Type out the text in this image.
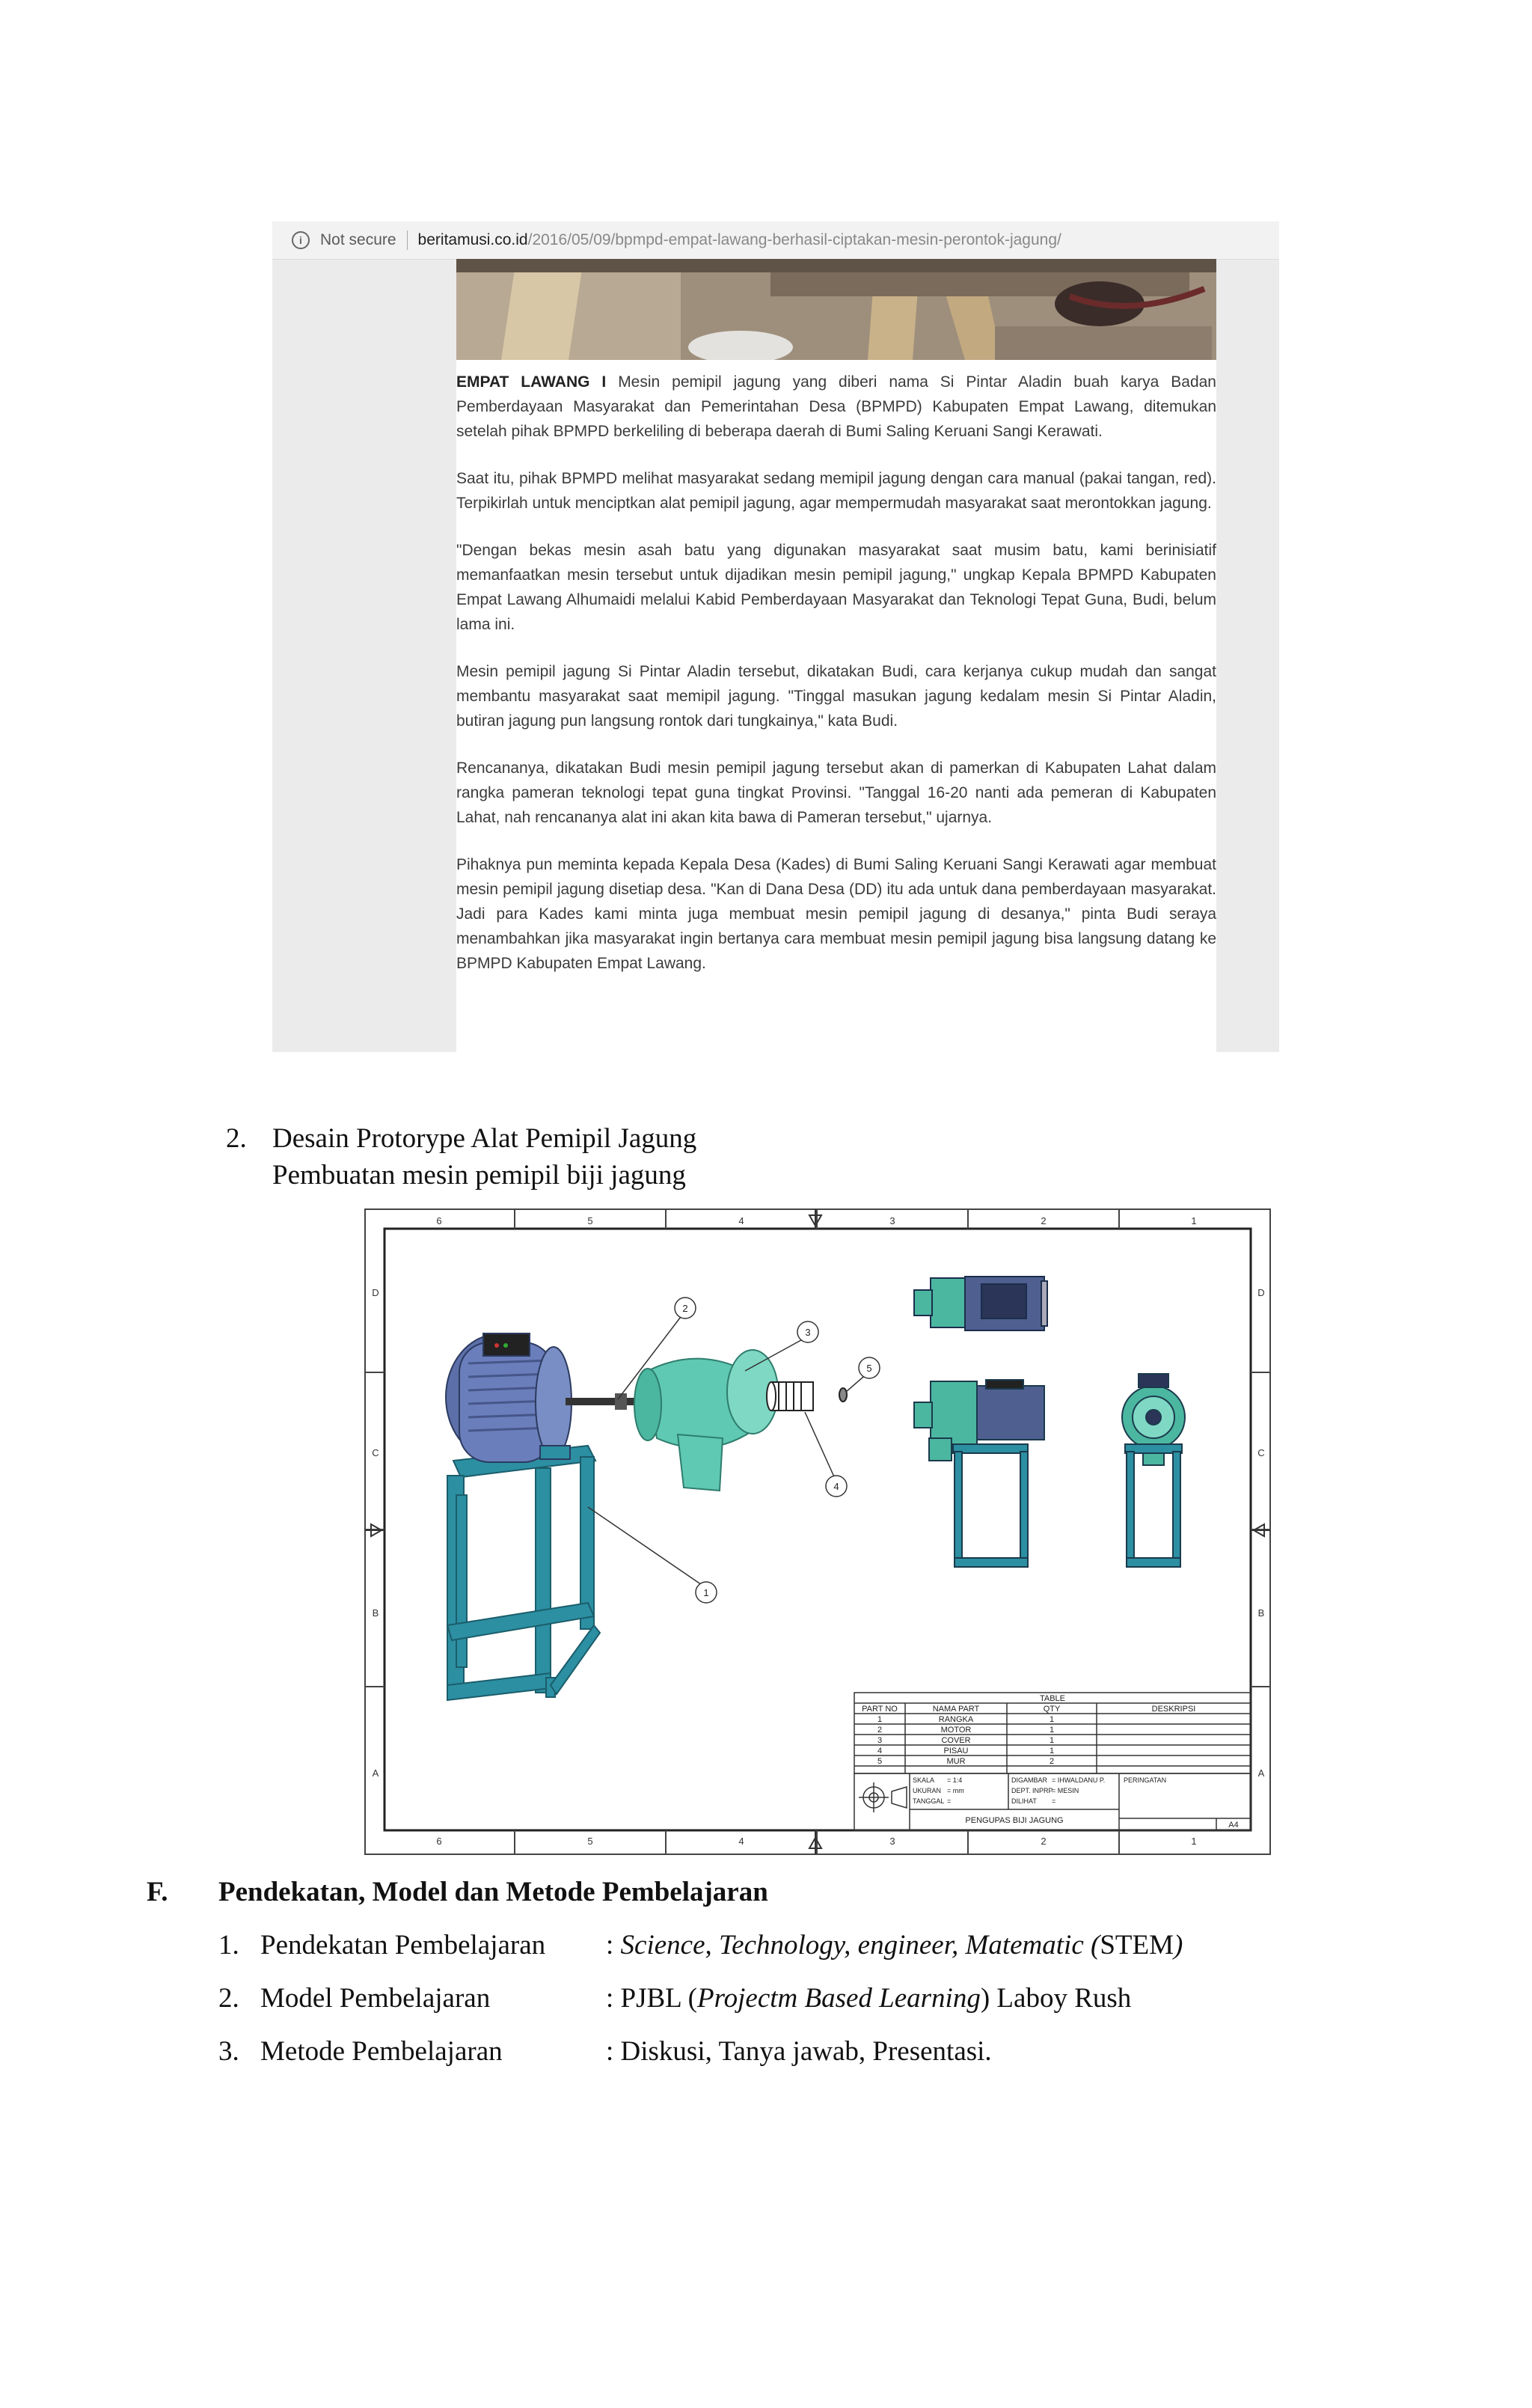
i	Not secure beritamusi.co.id /2016/05/09/bpmpd-empat-lawang-berhasil-ciptakan-mesin-perontok-jagung/

EMPAT LAWANG I Mesin pemipil jagung yang diberi nama Si Pintar Aladin buah karya Badan Pemberdayaan Masyarakat dan Pemerintahan Desa (BPMPD) Kabupaten Empat Lawang, ditemukan setelah pihak BPMPD berkeliling di beberapa daerah di Bumi Saling Keruani Sangi Kerawati.

Saat itu, pihak BPMPD melihat masyarakat sedang memipil jagung dengan cara manual (pakai tangan, red). Terpikirlah untuk menciptkan alat pemipil jagung, agar mempermudah masyarakat saat merontokkan jagung.

"Dengan bekas mesin asah batu yang digunakan masyarakat saat musim batu, kami berinisiatif memanfaatkan mesin tersebut untuk dijadikan mesin pemipil jagung," ungkap Kepala BPMPD Kabupaten Empat Lawang Alhumaidi melalui Kabid Pemberdayaan Masyarakat dan Teknologi Tepat Guna, Budi, belum lama ini.

Mesin pemipil jagung Si Pintar Aladin tersebut, dikatakan Budi, cara kerjanya cukup mudah dan sangat membantu masyarakat saat memipil jagung. "Tinggal masukan jagung kedalam mesin Si Pintar Aladin, butiran jagung pun langsung rontok dari tungkainya," kata Budi.

Rencananya, dikatakan Budi mesin pemipil jagung tersebut akan di pamerkan di Kabupaten Lahat dalam rangka pameran teknologi tepat guna tingkat Provinsi. "Tanggal 16-20 nanti ada pemeran di Kabupaten Lahat, nah rencananya alat ini akan kita bawa di Pameran tersebut," ujarnya.

Pihaknya pun meminta kepada Kepala Desa (Kades) di Bumi Saling Keruani Sangi Kerawati agar membuat mesin pemipil jagung disetiap desa. "Kan di Dana Desa (DD) itu ada untuk dana pemberdayaan masyarakat. Jadi para Kades kami minta juga membuat mesin pemipil jagung di desanya," pinta Budi seraya menambahkan jika masyarakat ingin bertanya cara membuat mesin pemipil jagung bisa langsung datang ke BPMPD Kabupaten Empat Lawang.

2. Desain Protorype Alat Pemipil Jagung
Pembuatan mesin pemipil biji jagung
6	5	4	3	2	1
6	5	4	3	2	1
D
C
B
A
D
C
B
A
1
2
3
4
5
TABLE
PART NO	NAMA PART	QTY	DESKRIPSI
1	RANGKA	1
2	MOTOR	1
3	COVER	1
4	PISAU	1
5	MUR	2
SKALA = 1:4
UKURAN = mm
TANGGAL =
DIGAMBAR = IHWALDANU P.
DEPT. INPRP
= MESIN
DILIHAT =
PERINGATAN
PENGUPAS BIJI JAGUNG	A4
F. Pendekatan, Model dan Metode Pembelajaran
1. Pendekatan Pembelajaran : Science, Technology, engineer, Matematic (STEM)
2. Model Pembelajaran	: PJBL (Projectm Based Learning) Laboy Rush
3. Metode Pembelajaran	: Diskusi, Tanya jawab, Presentasi.
